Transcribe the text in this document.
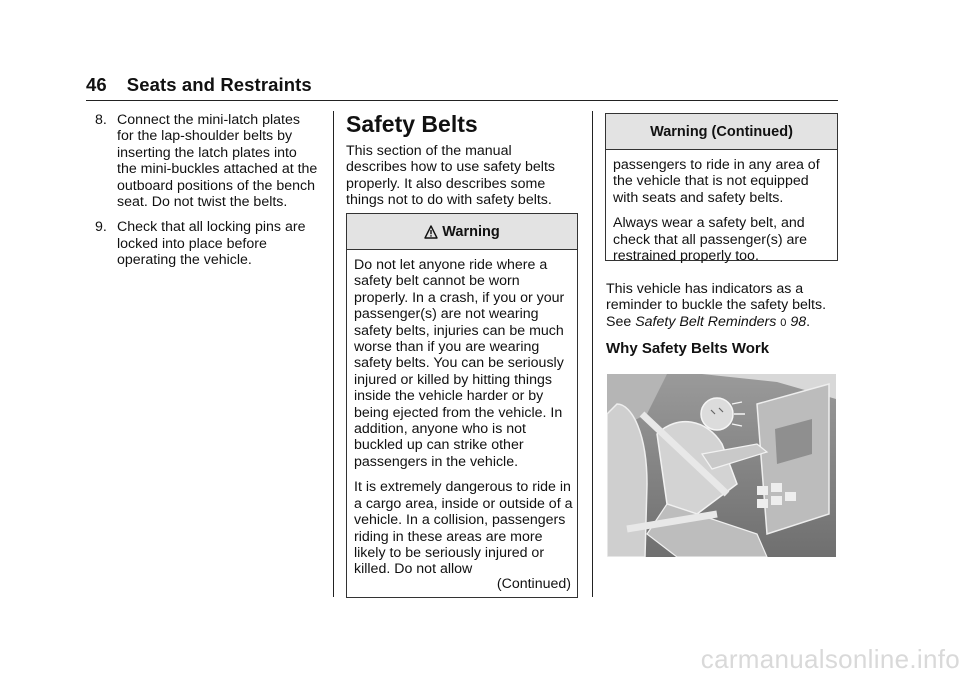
46 Seats and Restraints
8. Connect the mini-latch plates for the lap-shoulder belts by inserting the latch plates into the mini-buckles attached at the outboard positions of the bench seat. Do not twist the belts.
9. Check that all locking pins are locked into place before operating the vehicle.
Safety Belts
This section of the manual describes how to use safety belts properly. It also describes some things not to do with safety belts.
Warning

Do not let anyone ride where a safety belt cannot be worn properly. In a crash, if you or your passenger(s) are not wearing safety belts, injuries can be much worse than if you are wearing safety belts. You can be seriously injured or killed by hitting things inside the vehicle harder or by being ejected from the vehicle. In addition, anyone who is not buckled up can strike other passengers in the vehicle.

It is extremely dangerous to ride in a cargo area, inside or outside of a vehicle. In a collision, passengers riding in these areas are more likely to be seriously injured or killed. Do not allow

(Continued)
Warning (Continued)

passengers to ride in any area of the vehicle that is not equipped with seats and safety belts.

Always wear a safety belt, and check that all passenger(s) are restrained properly too.

This vehicle has indicators as a reminder to buckle the safety belts. See Safety Belt Reminders 0 98.
Why Safety Belts Work
carmanualsonline.info
